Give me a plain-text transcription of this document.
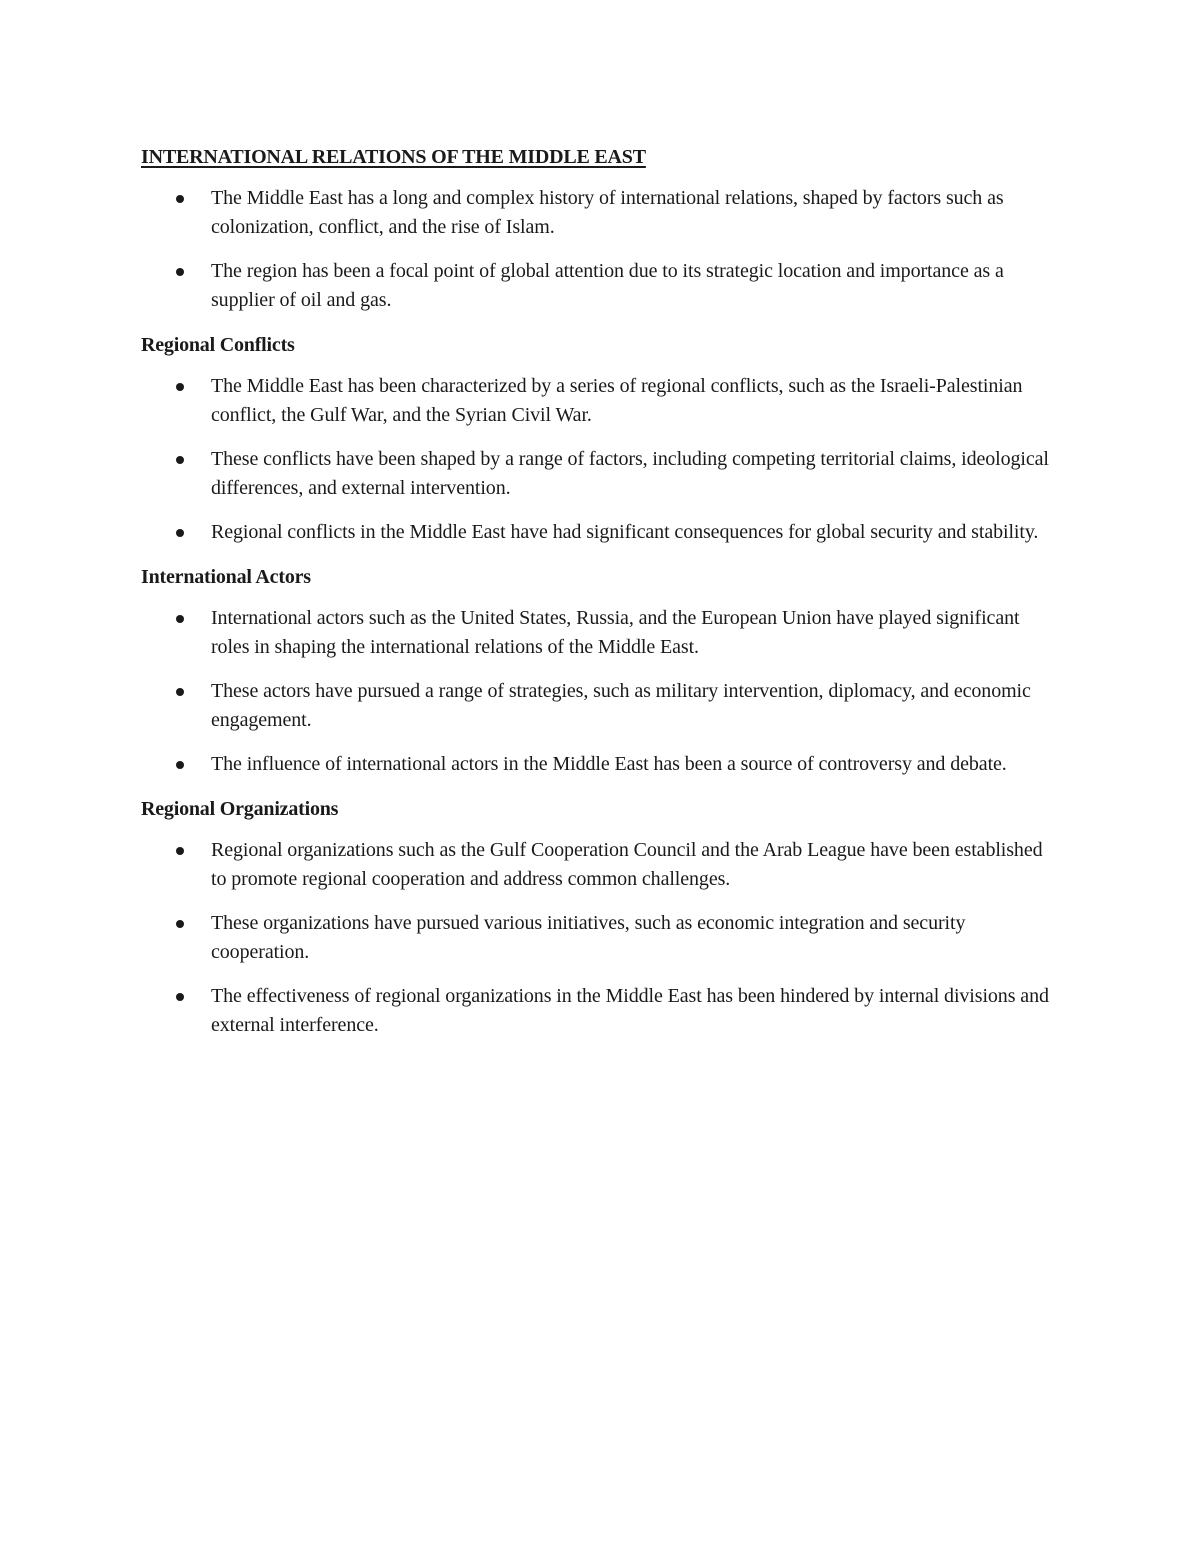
INTERNATIONAL RELATIONS OF THE MIDDLE EAST
The Middle East has a long and complex history of international relations, shaped by factors such as colonization, conflict, and the rise of Islam.
The region has been a focal point of global attention due to its strategic location and importance as a supplier of oil and gas.
Regional Conflicts
The Middle East has been characterized by a series of regional conflicts, such as the Israeli-Palestinian conflict, the Gulf War, and the Syrian Civil War.
These conflicts have been shaped by a range of factors, including competing territorial claims, ideological differences, and external intervention.
Regional conflicts in the Middle East have had significant consequences for global security and stability.
International Actors
International actors such as the United States, Russia, and the European Union have played significant roles in shaping the international relations of the Middle East.
These actors have pursued a range of strategies, such as military intervention, diplomacy, and economic engagement.
The influence of international actors in the Middle East has been a source of controversy and debate.
Regional Organizations
Regional organizations such as the Gulf Cooperation Council and the Arab League have been established to promote regional cooperation and address common challenges.
These organizations have pursued various initiatives, such as economic integration and security cooperation.
The effectiveness of regional organizations in the Middle East has been hindered by internal divisions and external interference.
